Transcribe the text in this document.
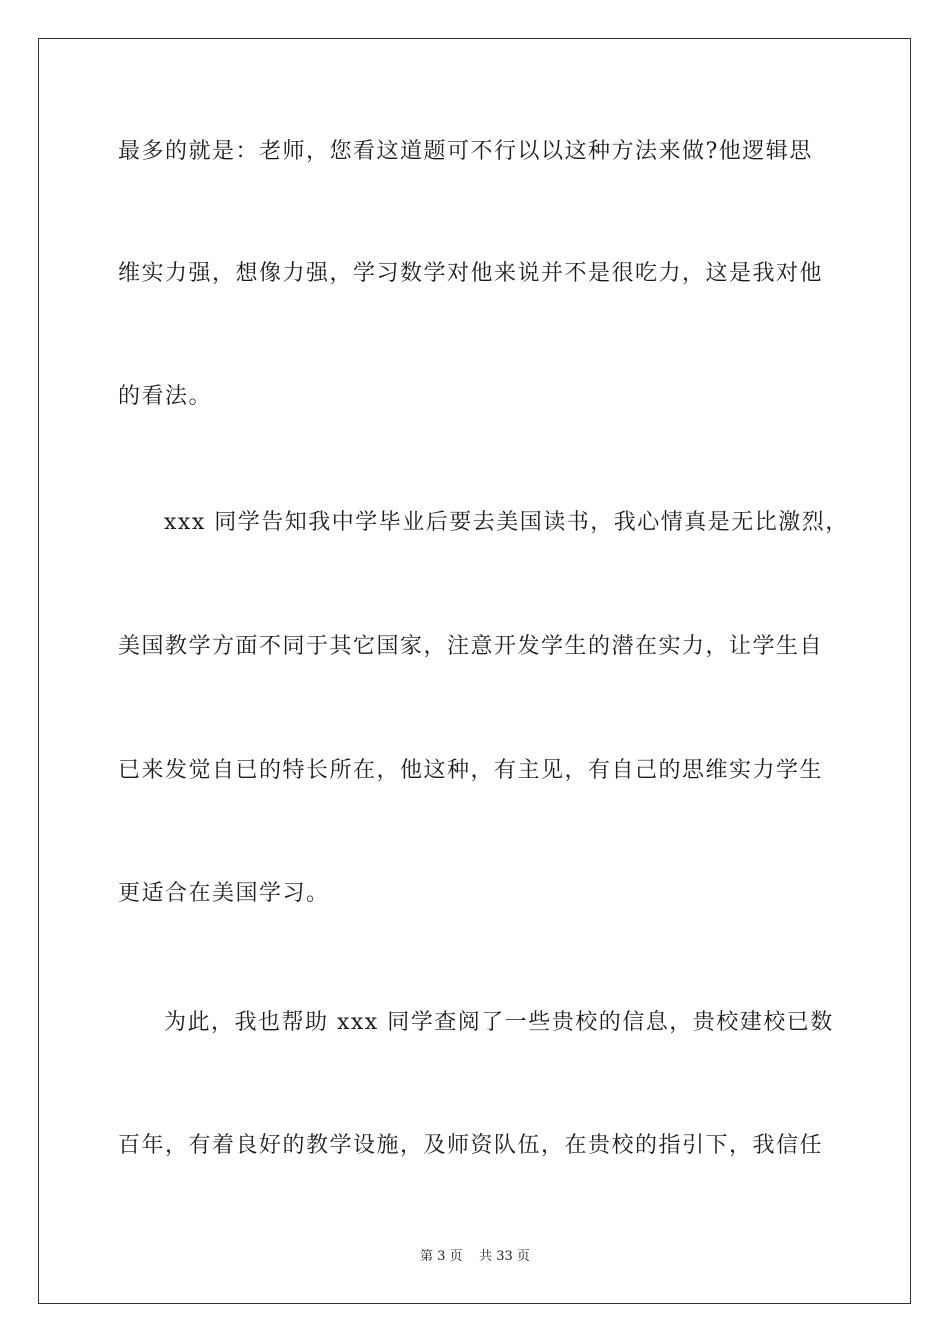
最多的就是：老师，您看这道题可不行以以这种方法来做?他逻辑思
维实力强，想像力强，学习数学对他来说并不是很吃力，这是我对他
的看法。
xxx 同学告知我中学毕业后要去美国读书，我心情真是无比激烈，
美国教学方面不同于其它国家，注意开发学生的潜在实力，让学生自
已来发觉自已的特长所在，他这种，有主见，有自己的思维实力学生
更适合在美国学习。
为此，我也帮助 xxx 同学查阅了一些贵校的信息，贵校建校已数
百年，有着良好的教学设施，及师资队伍，在贵校的指引下，我信任
第 3 页 共 33 页
